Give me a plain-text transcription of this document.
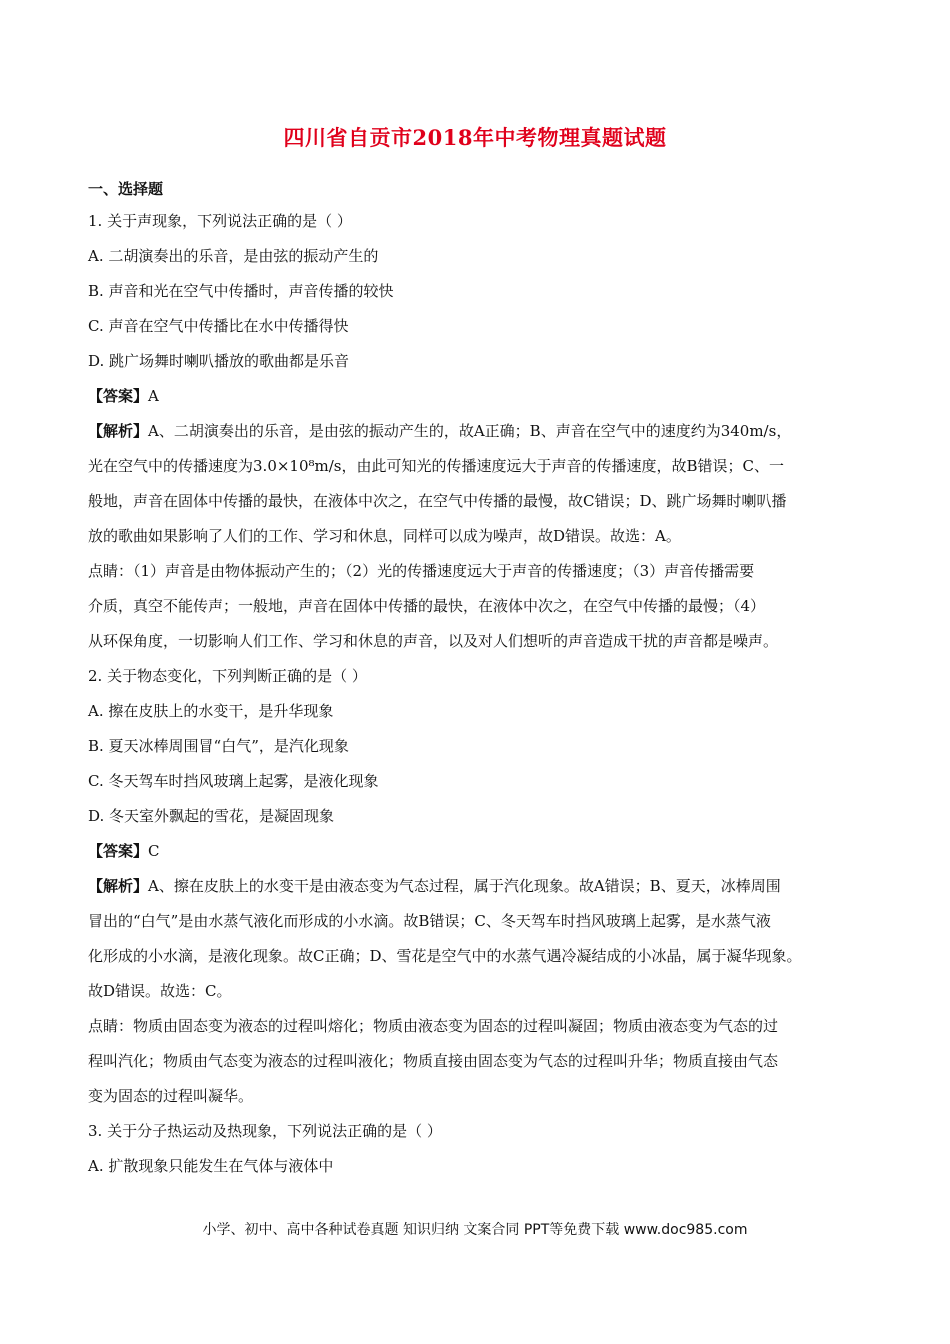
四川省自贡市2018年中考物理真题试题
一、选择题
1. 关于声现象，下列说法正确的是（ ）
A. 二胡演奏出的乐音，是由弦的振动产生的
B. 声音和光在空气中传播时，声音传播的较快
C. 声音在空气中传播比在水中传播得快
D. 跳广场舞时喇叭播放的歌曲都是乐音
【答案】A
【解析】A、二胡演奏出的乐音，是由弦的振动产生的，故A正确；B、声音在空气中的速度约为340m/s，
光在空气中的传播速度为3.0×10⁸m/s，由此可知光的传播速度远大于声音的传播速度，故B错误；C、一
般地，声音在固体中传播的最快，在液体中次之，在空气中传播的最慢，故C错误；D、跳广场舞时喇叭播
放的歌曲如果影响了人们的工作、学习和休息，同样可以成为噪声，故D错误。故选：A。
点睛：（1）声音是由物体振动产生的；（2）光的传播速度远大于声音的传播速度；（3）声音传播需要
介质，真空不能传声；一般地，声音在固体中传播的最快，在液体中次之，在空气中传播的最慢；（4）
从环保角度，一切影响人们工作、学习和休息的声音，以及对人们想听的声音造成干扰的声音都是噪声。
2. 关于物态变化，下列判断正确的是（ ）
A. 擦在皮肤上的水变干，是升华现象
B. 夏天冰棒周围冒“白气”，是汽化现象
C. 冬天驾车时挡风玻璃上起雾，是液化现象
D. 冬天室外飘起的雪花，是凝固现象
【答案】C
【解析】A、擦在皮肤上的水变干是由液态变为气态过程，属于汽化现象。故A错误；B、夏天，冰棒周围
冒出的“白气”是由水蒸气液化而形成的小水滴。故B错误；C、冬天驾车时挡风玻璃上起雾，是水蒸气液
化形成的小水滴，是液化现象。故C正确；D、雪花是空气中的水蒸气遇冷凝结成的小冰晶，属于凝华现象。
故D错误。故选：C。
点睛：物质由固态变为液态的过程叫熔化；物质由液态变为固态的过程叫凝固；物质由液态变为气态的过
程叫汽化；物质由气态变为液态的过程叫液化；物质直接由固态变为气态的过程叫升华；物质直接由气态
变为固态的过程叫凝华。
3. 关于分子热运动及热现象，下列说法正确的是（ ）
A. 扩散现象只能发生在气体与液体中
小学、初中、高中各种试卷真题 知识归纳 文案合同 PPT等免费下载 www.doc985.com
